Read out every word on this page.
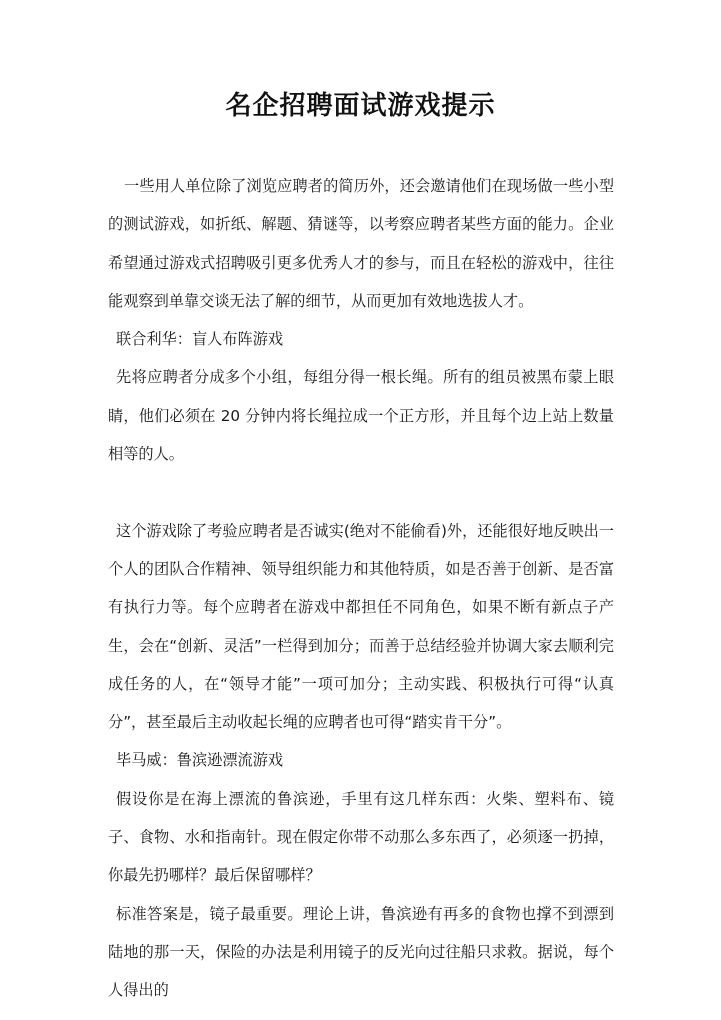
名企招聘面试游戏提示

一些用人单位除了浏览应聘者的简历外，还会邀请他们在现场做一些小型的测试游戏，如折纸、解题、猜谜等，以考察应聘者某些方面的能力。企业希望通过游戏式招聘吸引更多优秀人才的参与，而且在轻松的游戏中，往往能观察到单靠交谈无法了解的细节，从而更加有效地选拔人才。

联合利华：盲人布阵游戏

先将应聘者分成多个小组，每组分得一根长绳。所有的组员被黑布蒙上眼睛，他们必须在 20 分钟内将长绳拉成一个正方形，并且每个边上站上数量相等的人。

这个游戏除了考验应聘者是否诚实(绝对不能偷看)外，还能很好地反映出一个人的团队合作精神、领导组织能力和其他特质，如是否善于创新、是否富有执行力等。每个应聘者在游戏中都担任不同角色，如果不断有新点子产生，会在“创新、灵活”一栏得到加分；而善于总结经验并协调大家去顺利完成任务的人，在“领导才能”一项可加分；主动实践、积极执行可得“认真分”，甚至最后主动收起长绳的应聘者也可得“踏实肯干分”。

毕马威：鲁滨逊漂流游戏

假设你是在海上漂流的鲁滨逊，手里有这几样东西：火柴、塑料布、镜子、食物、水和指南针。现在假定你带不动那么多东西了，必须逐一扔掉，你最先扔哪样？最后保留哪样？

标准答案是，镜子最重要。理论上讲，鲁滨逊有再多的食物也撑不到漂到陆地的那一天，保险的办法是利用镜子的反光向过往船只求救。据说，每个人得出的
